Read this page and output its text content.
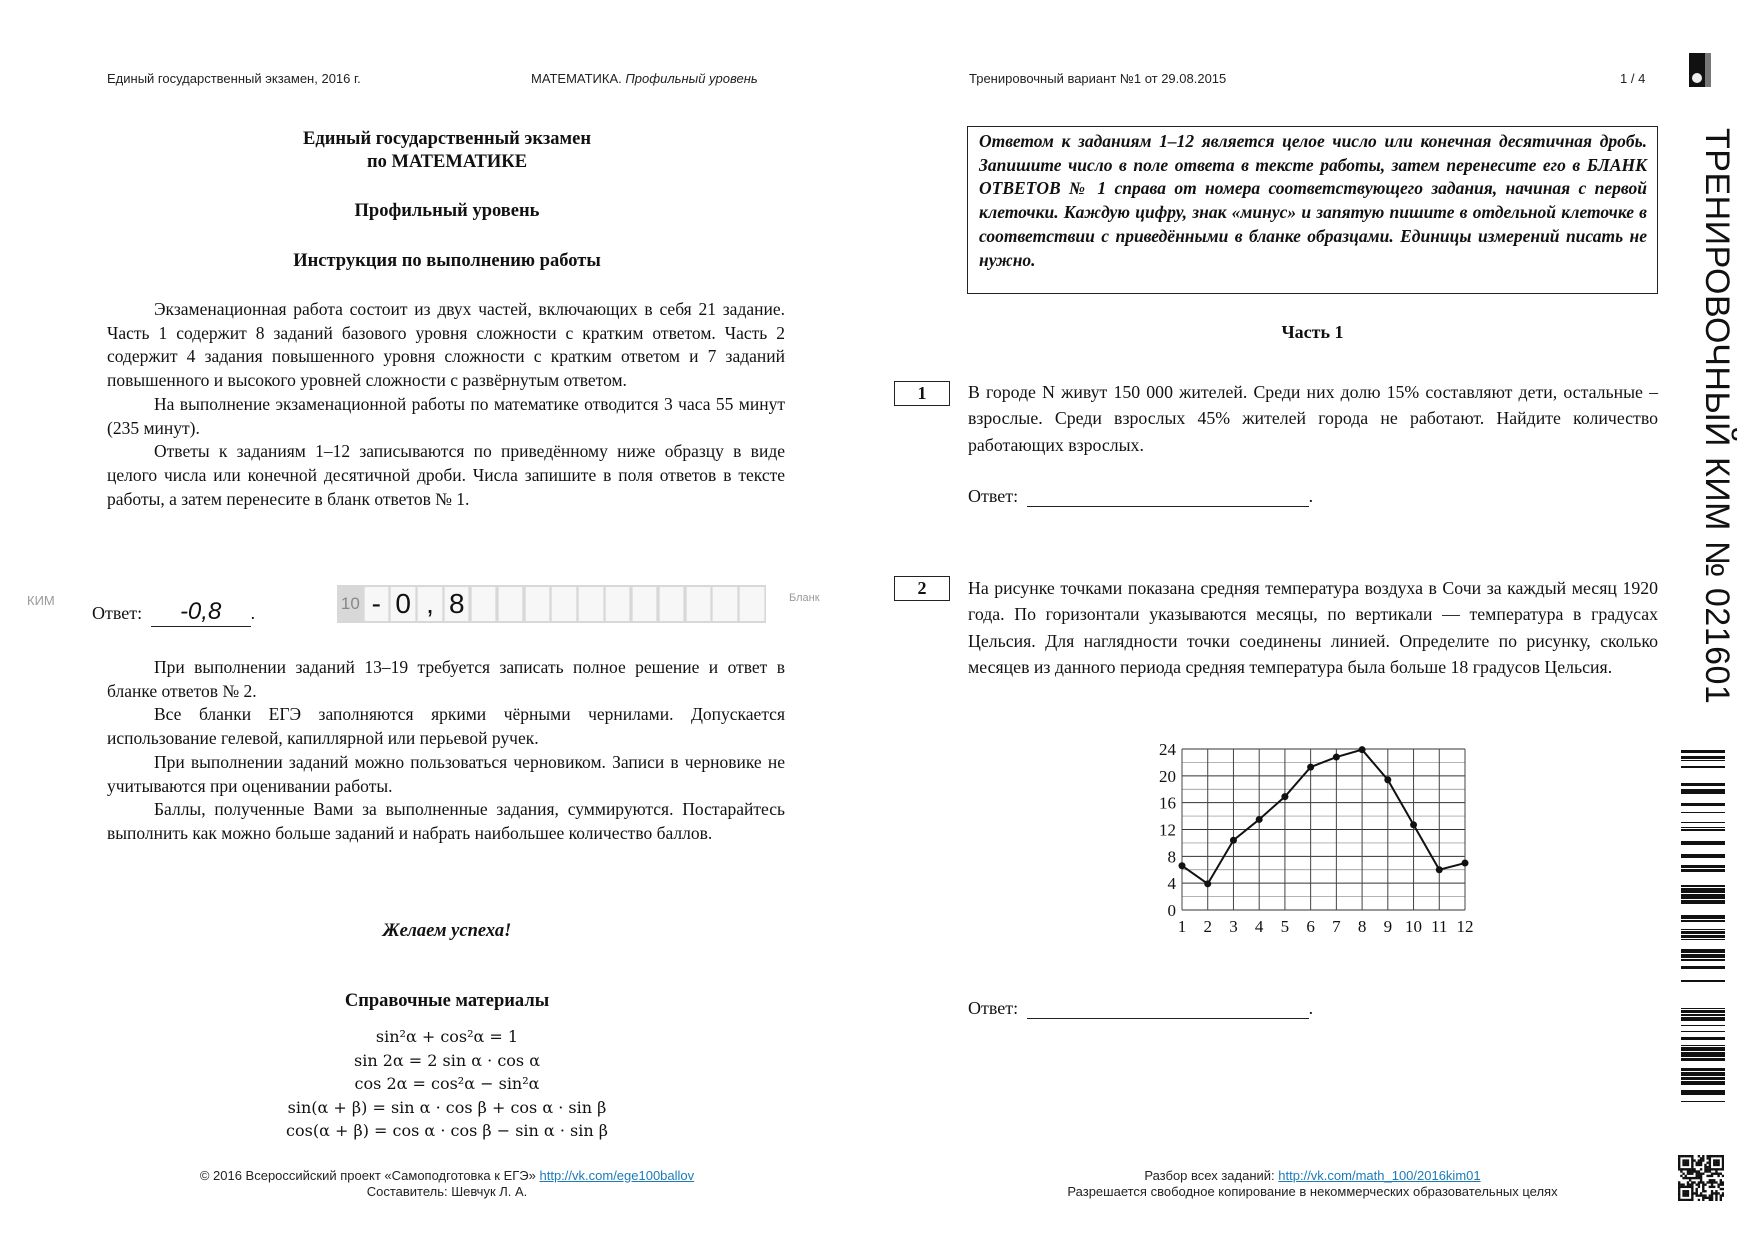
Единый государственный экзамен, 2016 г.	МАТЕМАТИКА. Профильный уровень	Тренировочный вариант №1 от 29.08.2015	1 / 4
Единый государственный экзамен
по МАТЕМАТИКЕ
Профильный уровень
Инструкция по выполнению работы

Экзаменационная работа состоит из двух частей, включающих в себя 21 задание. Часть 1 содержит 8 заданий базового уровня сложности с кратким ответом. Часть 2 содержит 4 задания повышенного уровня сложности с кратким ответом и 7 заданий повышенного и высокого уровней сложности с развёрнутым ответом.

На выполнение экзаменационной работы по математике отводится 3 часа 55 минут (235 минут).

Ответы к заданиям 1–12 записываются по приведённому ниже образцу в виде целого числа или конечной десятичной дроби. Числа запишите в поля ответов в тексте работы, а затем перенесите в бланк ответов № 1.

КИМ
Ответ: -0,8 .	10 - 0 , 8	Бланк

При выполнении заданий 13–19 требуется записать полное решение и ответ в бланке ответов № 2.

Все бланки ЕГЭ заполняются яркими чёрными чернилами. Допускается использование гелевой, капиллярной или перьевой ручек.

При выполнении заданий можно пользоваться черновиком. Записи в черновике не учитываются при оценивании работы.

Баллы, полученные Вами за выполненные задания, суммируются. Постарайтесь выполнить как можно больше заданий и набрать наибольшее количество баллов.

Желаем успеха!
Справочные материалы
sin²α + cos²α = 1
sin 2α = 2 sin α · cos α
cos 2α = cos²α − sin²α
sin(α + β) = sin α · cos β + cos α · sin β
cos(α + β) = cos α · cos β − sin α · sin β
© 2016 Всероссийский проект «Самоподготовка к ЕГЭ» http://vk.com/ege100ballov
Составитель: Шевчук Л. А.
Ответом к заданиям 1–12 является целое число или конечная десятичная дробь. Запишите число в поле ответа в тексте работы, затем перенесите его в БЛАНК ОТВЕТОВ № 1 справа от номера соответствующего задания, начиная с первой клеточки. Каждую цифру, знак «минус» и запятую пишите в отдельной клеточке в соответствии с приведёнными в бланке образцами. Единицы измерений писать не нужно.
Часть 1
1	В городе N живут 150 000 жителей. Среди них долю 15% составляют дети, остальные – взрослые. Среди взрослых 45% жителей города не работают. Найдите количество работающих взрослых.
Ответ:	.
2	На рисунке точками показана средняя температура воздуха в Сочи за каждый месяц 1920 года. По горизонтали указываются месяцы, по вертикали — температура в градусах Цельсия. Для наглядности точки соединены линией. Определите по рисунку, сколько месяцев из данного периода средняя температура была больше 18 градусов Цельсия.
0
4
8
12
16
20
24
1 2 3 4 5 6 7 8 9 10 11 12
Ответ:	.
Разбор всех заданий: http://vk.com/math_100/2016kim01
Разрешается свободное копирование в некоммерческих образовательных целях
ТРЕНИРОВОЧНЫЙ КИМ № 021601
